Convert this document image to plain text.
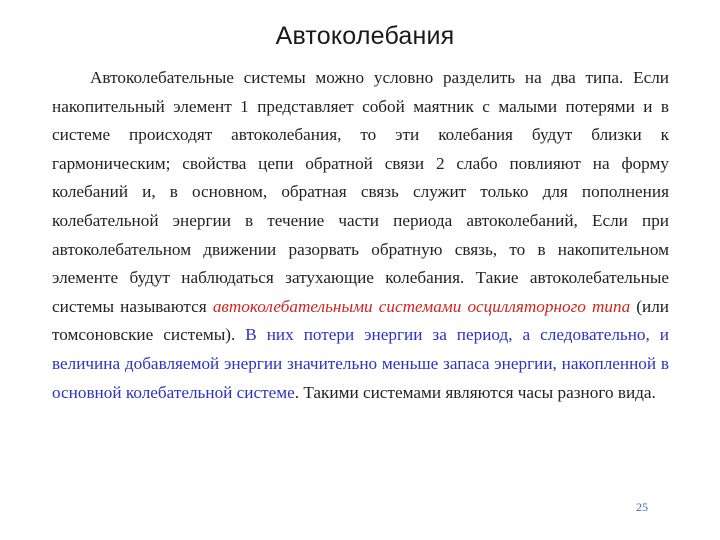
Автоколебания

Автоколебательные системы можно условно разделить на два типа. Если накопительный элемент 1 представляет собой маятник с малыми потерями и в системе происходят автоколебания, то эти колебания будут близки к гармоническим; свойства цепи обратной связи 2 слабо повлияют на форму колебаний и, в основном, обратная связь служит только для пополнения колебательной энергии в течение части периода автоколебаний, Если при автоколебательном движении разорвать обратную связь, то в накопительном элементе будут наблюдаться затухающие колебания. Такие автоколебательные системы называются автоколебательными системами осцилляторного типа (или томсоновские системы). В них потери энергии за период, а следовательно, и величина добавляемой энергии значительно меньше запаса энергии, накопленной в основной колебательной системе. Такими системами являются часы разного вида.

25
